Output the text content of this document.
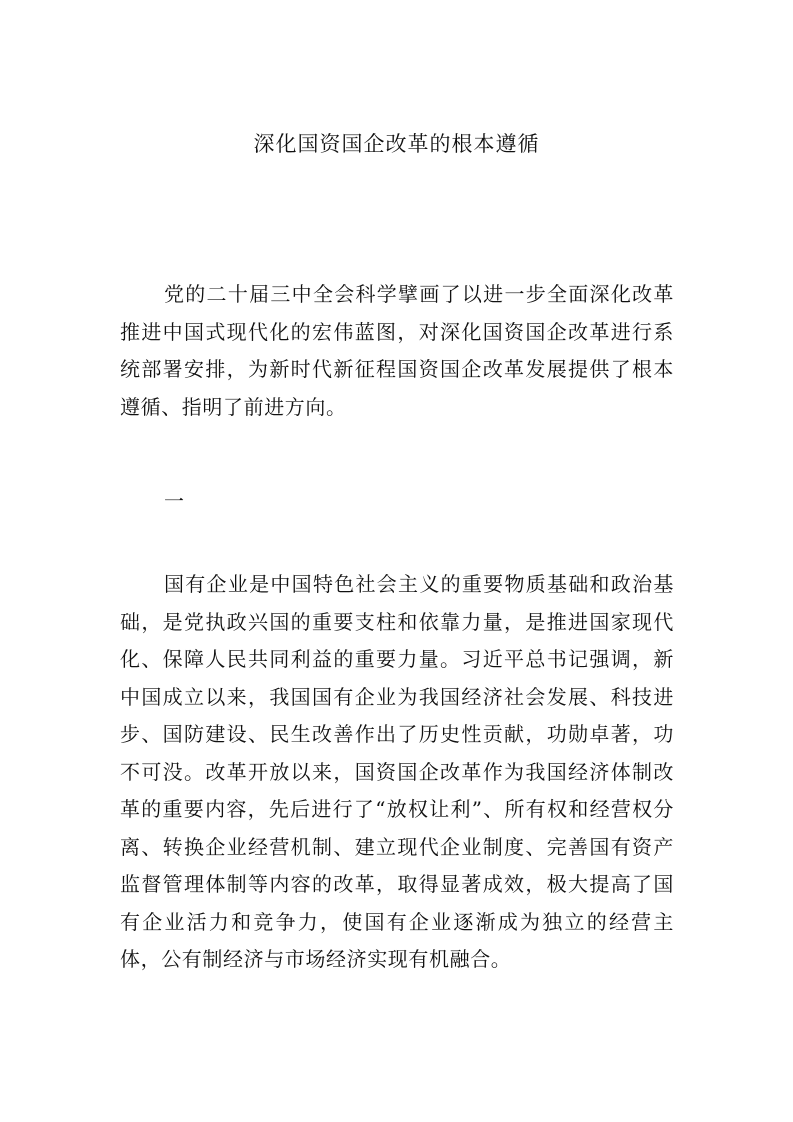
深化国资国企改革的根本遵循

党的二十届三中全会科学擘画了以进一步全面深化改革推进中国式现代化的宏伟蓝图，对深化国资国企改革进行系统部署安排，为新时代新征程国资国企改革发展提供了根本遵循、指明了前进方向。

一

国有企业是中国特色社会主义的重要物质基础和政治基础，是党执政兴国的重要支柱和依靠力量，是推进国家现代化、保障人民共同利益的重要力量。习近平总书记强调，新中国成立以来，我国国有企业为我国经济社会发展、科技进步、国防建设、民生改善作出了历史性贡献，功勋卓著，功不可没。改革开放以来，国资国企改革作为我国经济体制改革的重要内容，先后进行了“放权让利”、所有权和经营权分离、转换企业经营机制、建立现代企业制度、完善国有资产监督管理体制等内容的改革，取得显著成效，极大提高了国有企业活力和竞争力，使国有企业逐渐成为独立的经营主体，公有制经济与市场经济实现有机融合。
